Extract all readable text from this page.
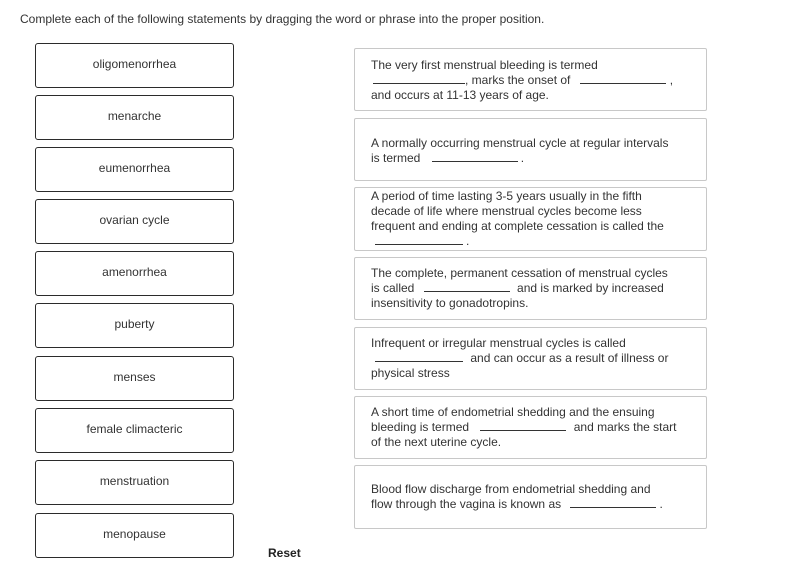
Complete each of the following statements by dragging the word or phrase into the proper position.
oligomenorrhea
menarche
eumenorrhea
ovarian cycle
amenorrhea
puberty
menses
female climacteric
menstruation
menopause
The very first menstrual bleeding is termed
, marks the onset of	,
and occurs at 11-13 years of age.
A normally occurring menstrual cycle at regular intervals
is termed	.
A period of time lasting 3-5 years usually in the fifth
decade of life where menstrual cycles become less
frequent and ending at complete cessation is called the
.
The complete, permanent cessation of menstrual cycles
is called	and is marked by increased
insensitivity to gonadotropins.
Infrequent or irregular menstrual cycles is called
and can occur as a result of illness or
physical stress
A short time of endometrial shedding and the ensuing
bleeding is termed	and marks the start
of the next uterine cycle.
Blood flow discharge from endometrial shedding and
flow through the vagina is known as	.
Reset
